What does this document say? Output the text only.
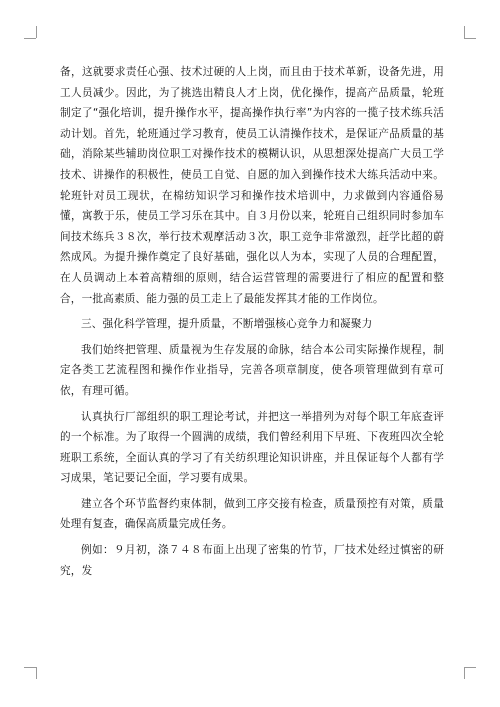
备，这就要求责任心强、技术过硬的人上岗，而且由于技术革新，设备先进，用工人员减少。因此，为了挑选出精良人才上岗，优化操作，提高产品质量，轮班制定了“强化培训，提升操作水平，提高操作执行率”为内容的一揽子技术练兵活动计划。首先，轮班通过学习教育，使员工认清操作技术，是保证产品质量的基础，消除某些辅助岗位职工对操作技术的模糊认识，从思想深处提高广大员工学技术、讲操作的积极性，使员工自觉、自愿的加入到操作技术大练兵活动中来。轮班针对员工现状，在棉纺知识学习和操作技术培训中，力求做到内容通俗易懂，寓教于乐，使员工学习乐在其中。自３月份以来，轮班自己组织同时参加车间技术练兵３８次，举行技术观摩活动３次，职工竞争非常激烈，赶学比超的蔚然成风。为提升操作奠定了良好基础，强化以人为本，实现了人员的合理配置，在人员调动上本着高精细的原则，结合运营管理的需要进行了相应的配置和整合，一批高素质、能力强的员工走上了最能发挥其才能的工作岗位。

三、强化科学管理，提升质量，不断增强核心竞争力和凝聚力

我们始终把管理、质量视为生存发展的命脉，结合本公司实际操作规程，制定各类工艺流程图和操作作业指导，完善各项章制度，使各项管理做到有章可依，有理可循。

认真执行厂部组织的职工理论考试，并把这一举措列为对每个职工年底查评的一个标准。为了取得一个圆满的成绩，我们曾经利用下早班、下夜班四次全轮班职工系统，全面认真的学习了有关纺织理论知识讲座，并且保证每个人都有学习成果，笔记要记全面，学习要有成果。

建立各个环节监督约束体制，做到工序交接有检查，质量预控有对策，质量处理有复查，确保高质量完成任务。

例如：９月初，涤７４８布面上出现了密集的竹节，厂技术处经过慎密的研究，发
